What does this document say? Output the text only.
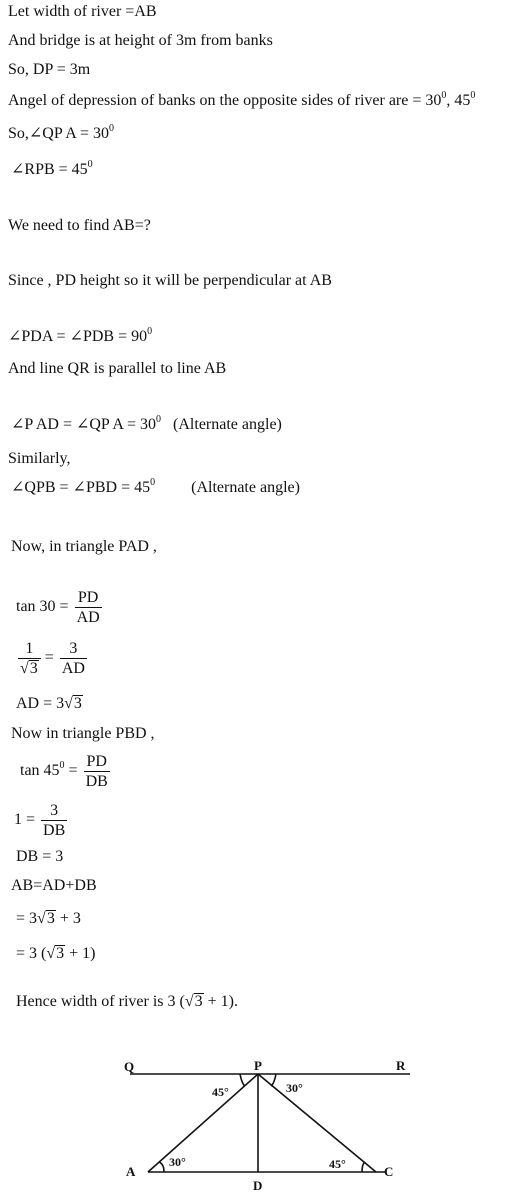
Let width of river =AB
And bridge is at height of 3m from banks
So, DP = 3m
Angel of depression of banks on the opposite sides of river are = $30^0$, $45^0$
So,∠QP $A = 30^0$
∠RPB = $45^0$
We need to find AB=?
Since , PD height so it will be perpendicular at AB
∠PDA = ∠PDB = $90^0$
And line QR is parallel to line AB
∠P AD = ∠QP $A = 30^0$ (Alternate angle)
Similarly,
∠QPB = ∠PBD = $45^0$ (Alternate angle)
Now, in triangle PAD ,
$\tan 30 = \frac{PD}{AD}$
$\frac{1}{√3} = \frac{3}{AD}$
AD = 3√3
Now in triangle PBD ,
$\tan 45^0 = \frac{PD}{DB}$
$1 = \frac{3}{DB}$
DB = 3
AB=AD+DB
= 3√3 + 3
= 3 (√3 + 1)
Hence width of river is 3 (√3 + 1).
Q	P	R
A
D
C
45°	30°
30°	45°
